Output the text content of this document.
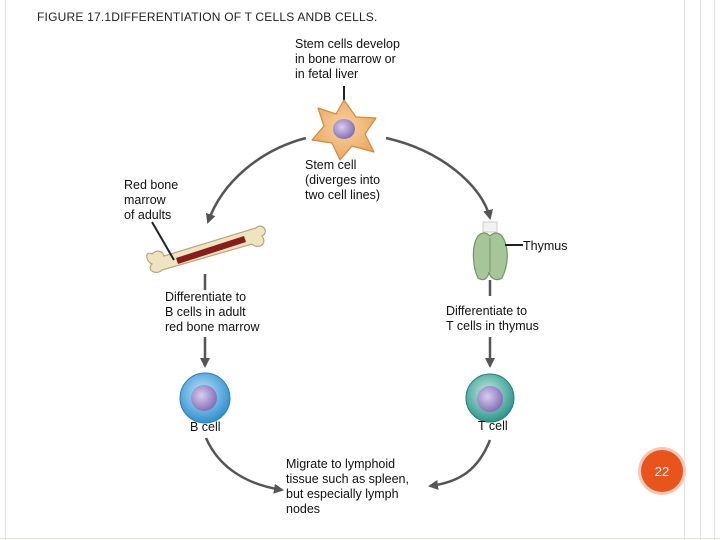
FIGURE 17.1DIFFERENTIATION OF T CELLS ANDB CELLS.
Stem cells develop
in bone marrow or
in fetal liver
Stem cell
(diverges into
two cell lines)
Red bone
marrow
of adults
Thymus
Differentiate to
B cells in adult
red bone marrow
Differentiate to
T cells in thymus
B cell	T cell
Migrate to lymphoid
tissue such as spleen,
but especially lymph
nodes
22
